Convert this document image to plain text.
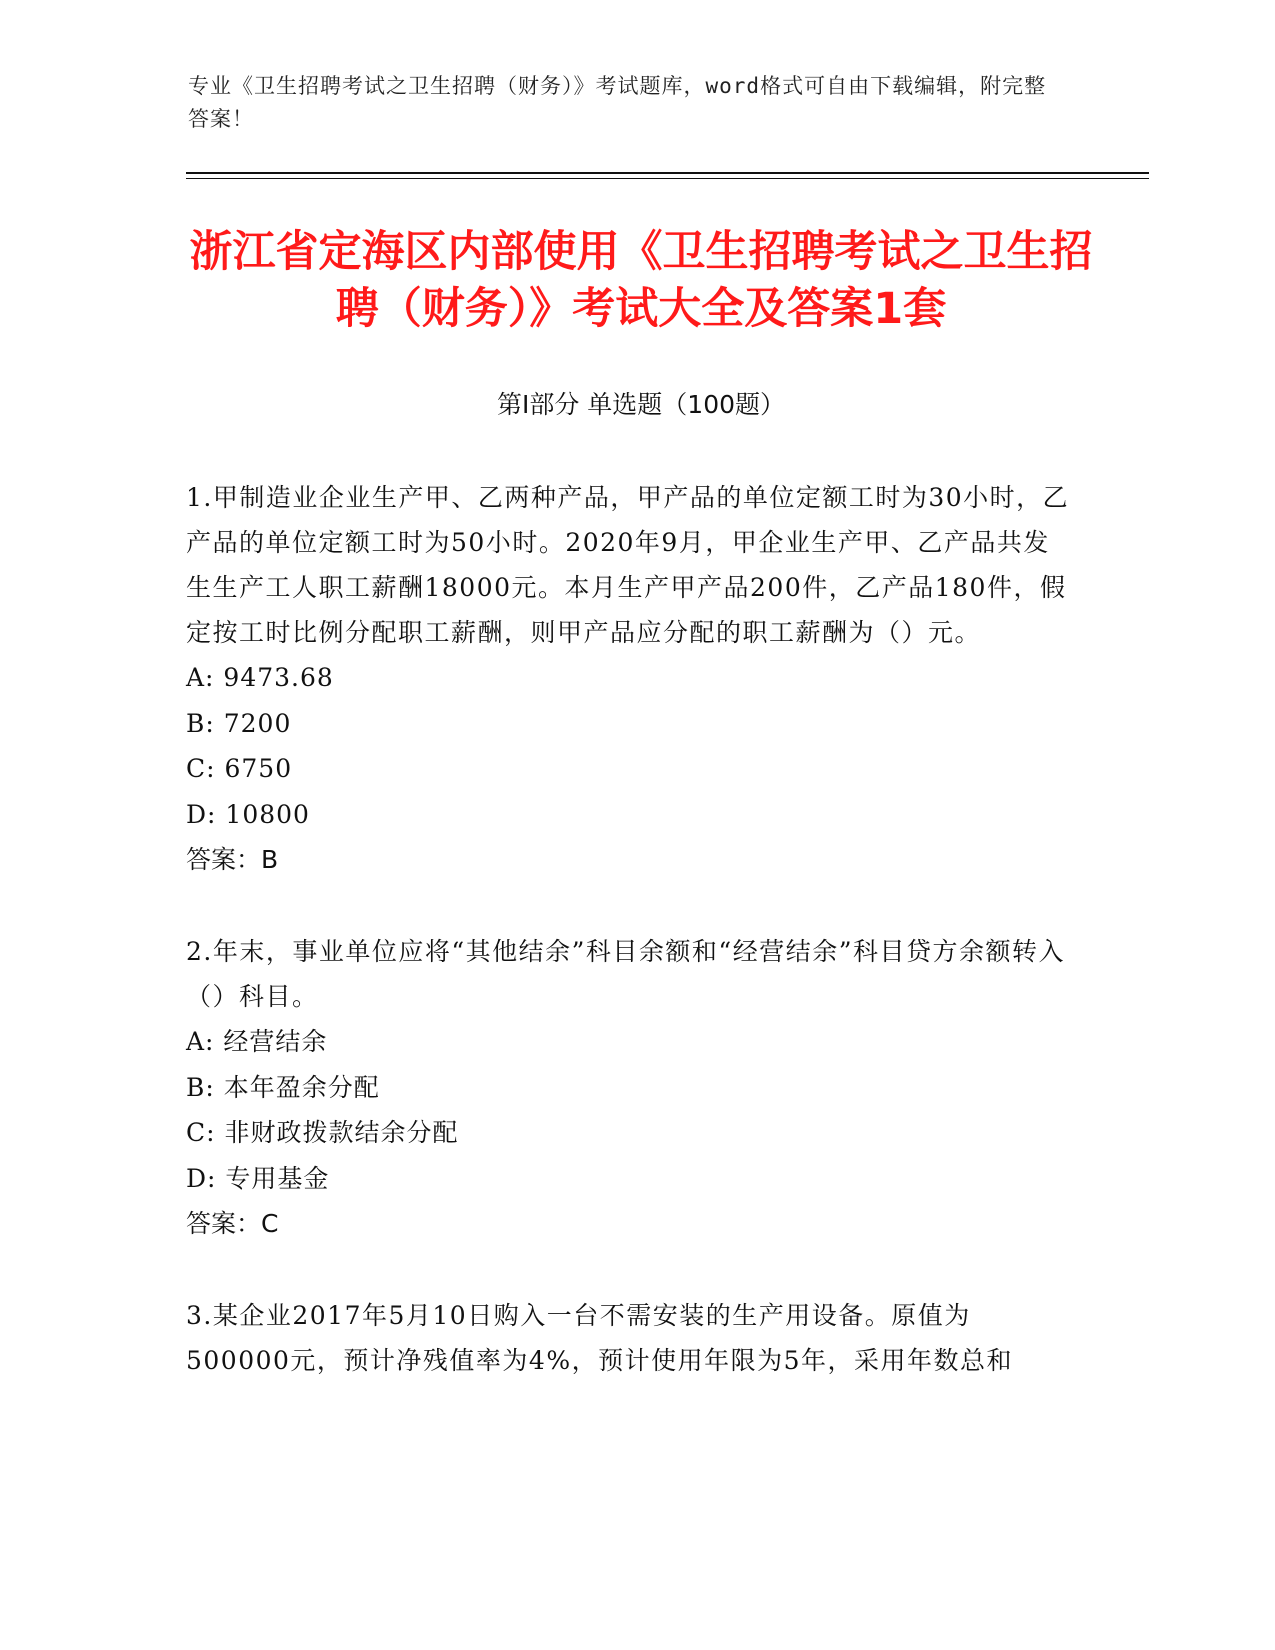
专业《卫生招聘考试之卫生招聘（财务）》考试题库，word格式可自由下载编辑，附完整答案！
浙江省定海区内部使用《卫生招聘考试之卫生招聘（财务）》考试大全及答案1套
第Ⅰ部分 单选题（100题）

1.甲制造业企业生产甲、乙两种产品，甲产品的单位定额工时为30小时，乙产品的单位定额工时为50小时。2020年9月，甲企业生产甲、乙产品共发生生产工人职工薪酬18000元。本月生产甲产品200件，乙产品180件，假定按工时比例分配职工薪酬，则甲产品应分配的职工薪酬为（）元。

A: 9473.68

B: 7200

C: 6750

D: 10800

答案：B

2.年末，事业单位应将“其他结余”科目余额和“经营结余”科目贷方余额转入（）科目。

A: 经营结余

B: 本年盈余分配

C: 非财政拨款结余分配

D: 专用基金

答案：C

3.某企业2017年5月10日购入一台不需安装的生产用设备。原值为500000元，预计净残值率为4%，预计使用年限为5年，采用年数总和
